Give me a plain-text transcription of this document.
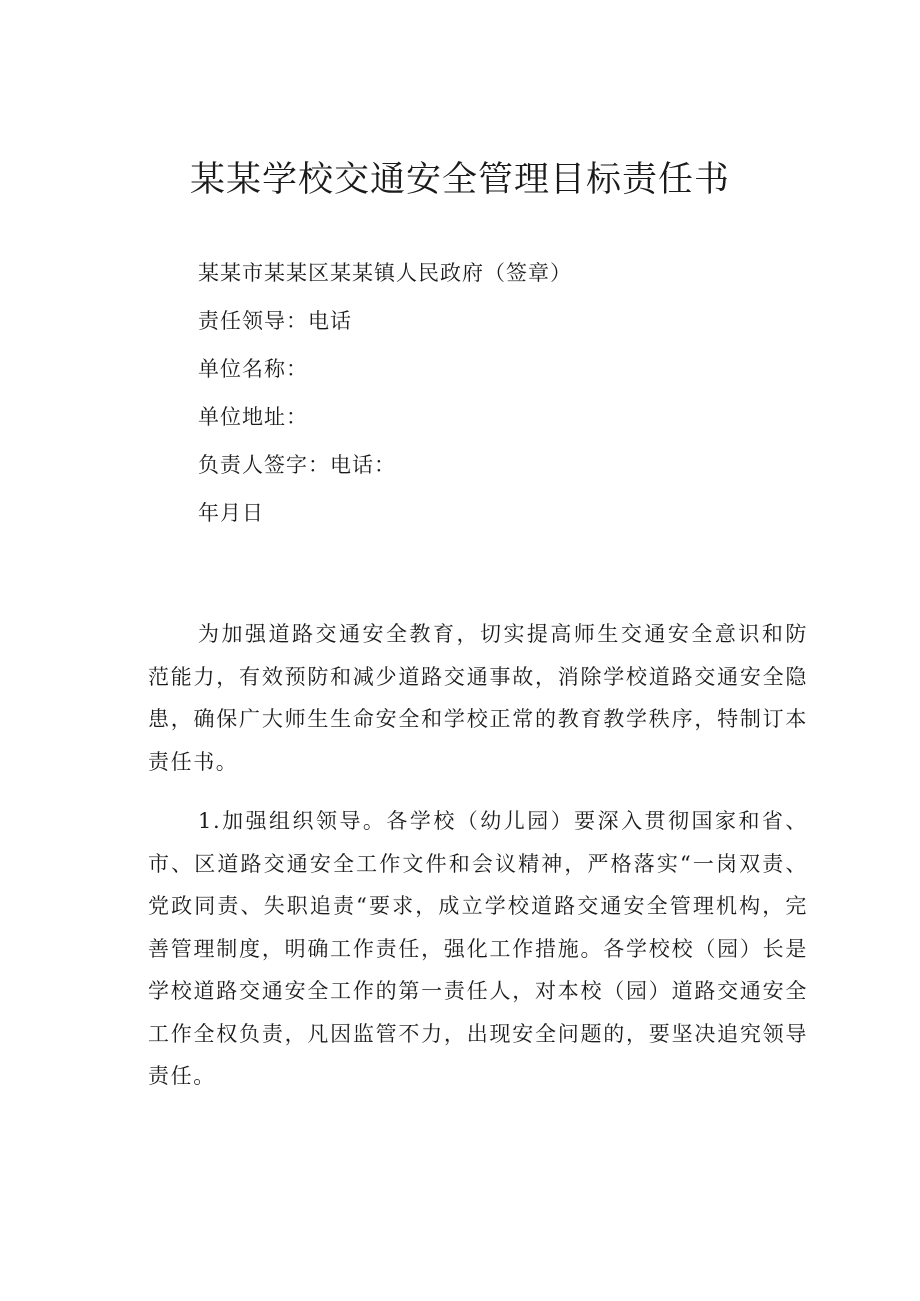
某某学校交通安全管理目标责任书
某某市某某区某某镇人民政府（签章）
责任领导：电话
单位名称：
单位地址：
负责人签字：电话：
年月日

为加强道路交通安全教育，切实提高师生交通安全意识和防范能力，有效预防和减少道路交通事故，消除学校道路交通安全隐患，确保广大师生生命安全和学校正常的教育教学秩序，特制订本责任书。

1.加强组织领导。各学校（幼儿园）要深入贯彻国家和省、市、区道路交通安全工作文件和会议精神，严格落实“一岗双责、党政同责、失职追责“要求，成立学校道路交通安全管理机构，完善管理制度，明确工作责任，强化工作措施。各学校校（园）长是学校道路交通安全工作的第一责任人，对本校（园）道路交通安全工作全权负责，凡因监管不力，出现安全问题的，要坚决追究领导责任。
